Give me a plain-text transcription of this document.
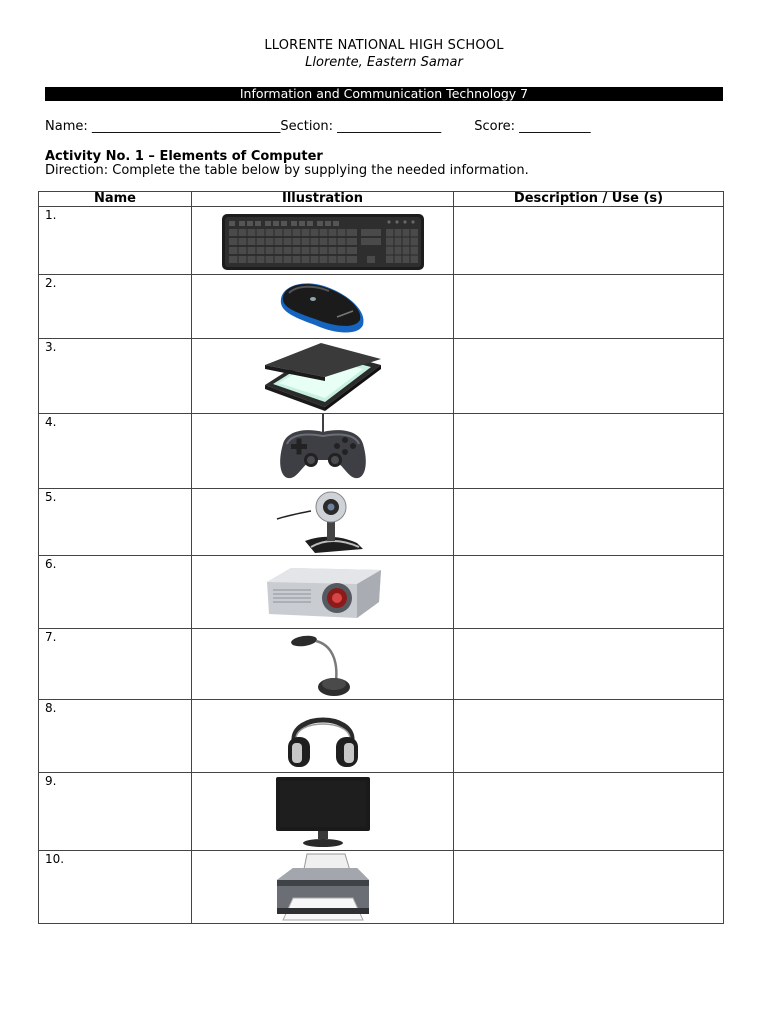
LLORENTE NATIONAL HIGH SCHOOL
Llorente, Eastern Samar
Information and Communication Technology 7
Name: _____________________________Section: ________________        Score: ___________
Activity No. 1 – Elements of Computer
Direction: Complete the table below by supplying the needed information.
Name	Illustration	Description / Use (s)
1.	

2.	

3.	

4.	

5.	

6.	

7.	

8.	

9.	

10.	
